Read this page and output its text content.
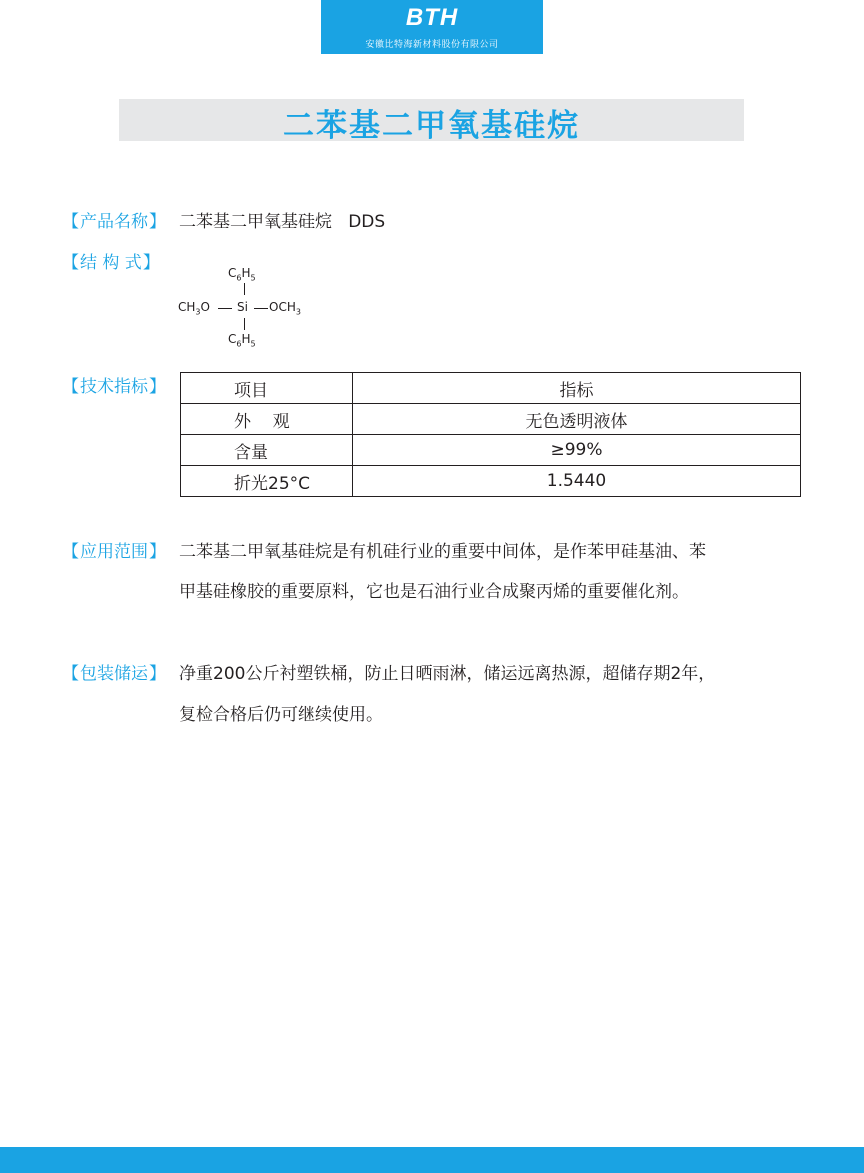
BTH
安徽比特海新材料股份有限公司
二苯基二甲氧基硅烷
【产品名称】 二苯基二甲氧基硅烷   DDS
【结 构 式】	$C_6H_5$
$CH_3O$ Si $OCH_3$
$C_6H_5$
【技术指标】	项目	指标
外    观	无色透明液体
含量	≥99%
折光25°C	1.5440
【应用范围】 二苯基二甲氧基硅烷是有机硅行业的重要中间体，是作苯甲硅基油、苯
甲基硅橡胶的重要原料，它也是石油行业合成聚丙烯的重要催化剂。
【包装储运】 净重200公斤衬塑铁桶，防止日晒雨淋，储运远离热源，超储存期2年，
复检合格后仍可继续使用。
